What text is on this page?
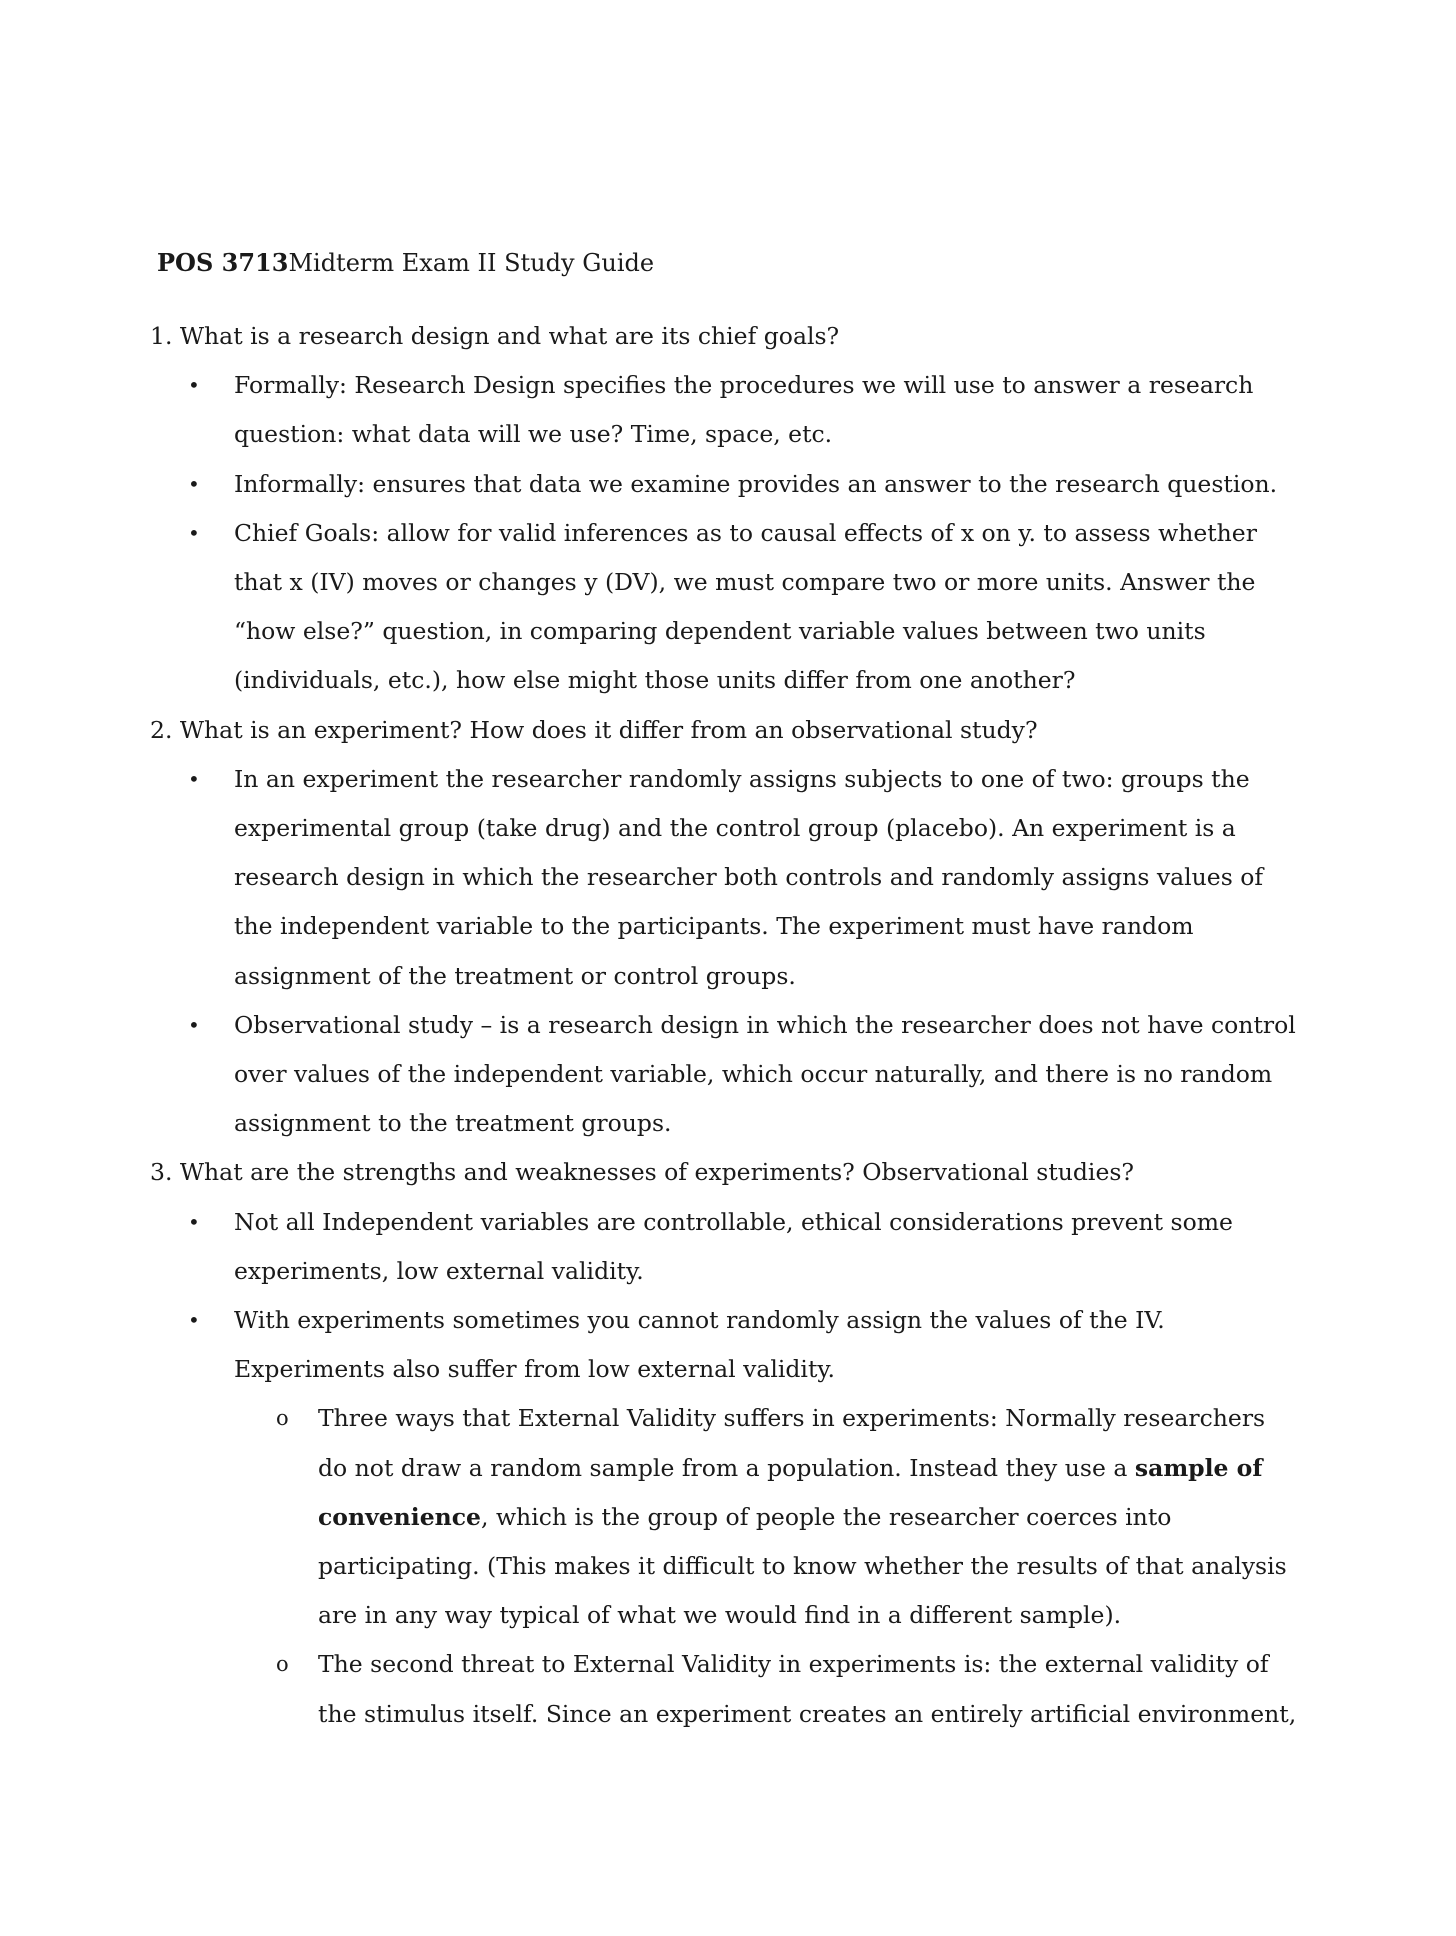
POS 3713Midterm Exam II Study Guide

1. What is a research design and what are its chief goals?

• Formally: Research Design specifies the procedures we will use to answer a research
question: what data will we use? Time, space, etc.
• Informally: ensures that data we examine provides an answer to the research question.
• Chief Goals: allow for valid inferences as to causal effects of x on y. to assess whether
that x (IV) moves or changes y (DV), we must compare two or more units. Answer the
“how else?” question, in comparing dependent variable values between two units
(individuals, etc.), how else might those units differ from one another?

2. What is an experiment? How does it differ from an observational study?

• In an experiment the researcher randomly assigns subjects to one of two: groups the
experimental group (take drug) and the control group (placebo). An experiment is a
research design in which the researcher both controls and randomly assigns values of
the independent variable to the participants. The experiment must have random
assignment of the treatment or control groups.
• Observational study – is a research design in which the researcher does not have control
over values of the independent variable, which occur naturally, and there is no random
assignment to the treatment groups.

3. What are the strengths and weaknesses of experiments? Observational studies?

• Not all Independent variables are controllable, ethical considerations prevent some
experiments, low external validity.
• With experiments sometimes you cannot randomly assign the values of the IV.
Experiments also suffer from low external validity.
o Three ways that External Validity suffers in experiments: Normally researchers
do not draw a random sample from a population. Instead they use a sample of
convenience, which is the group of people the researcher coerces into
participating. (This makes it difficult to know whether the results of that analysis
are in any way typical of what we would find in a different sample).
o The second threat to External Validity in experiments is: the external validity of
the stimulus itself. Since an experiment creates an entirely artificial environment,
